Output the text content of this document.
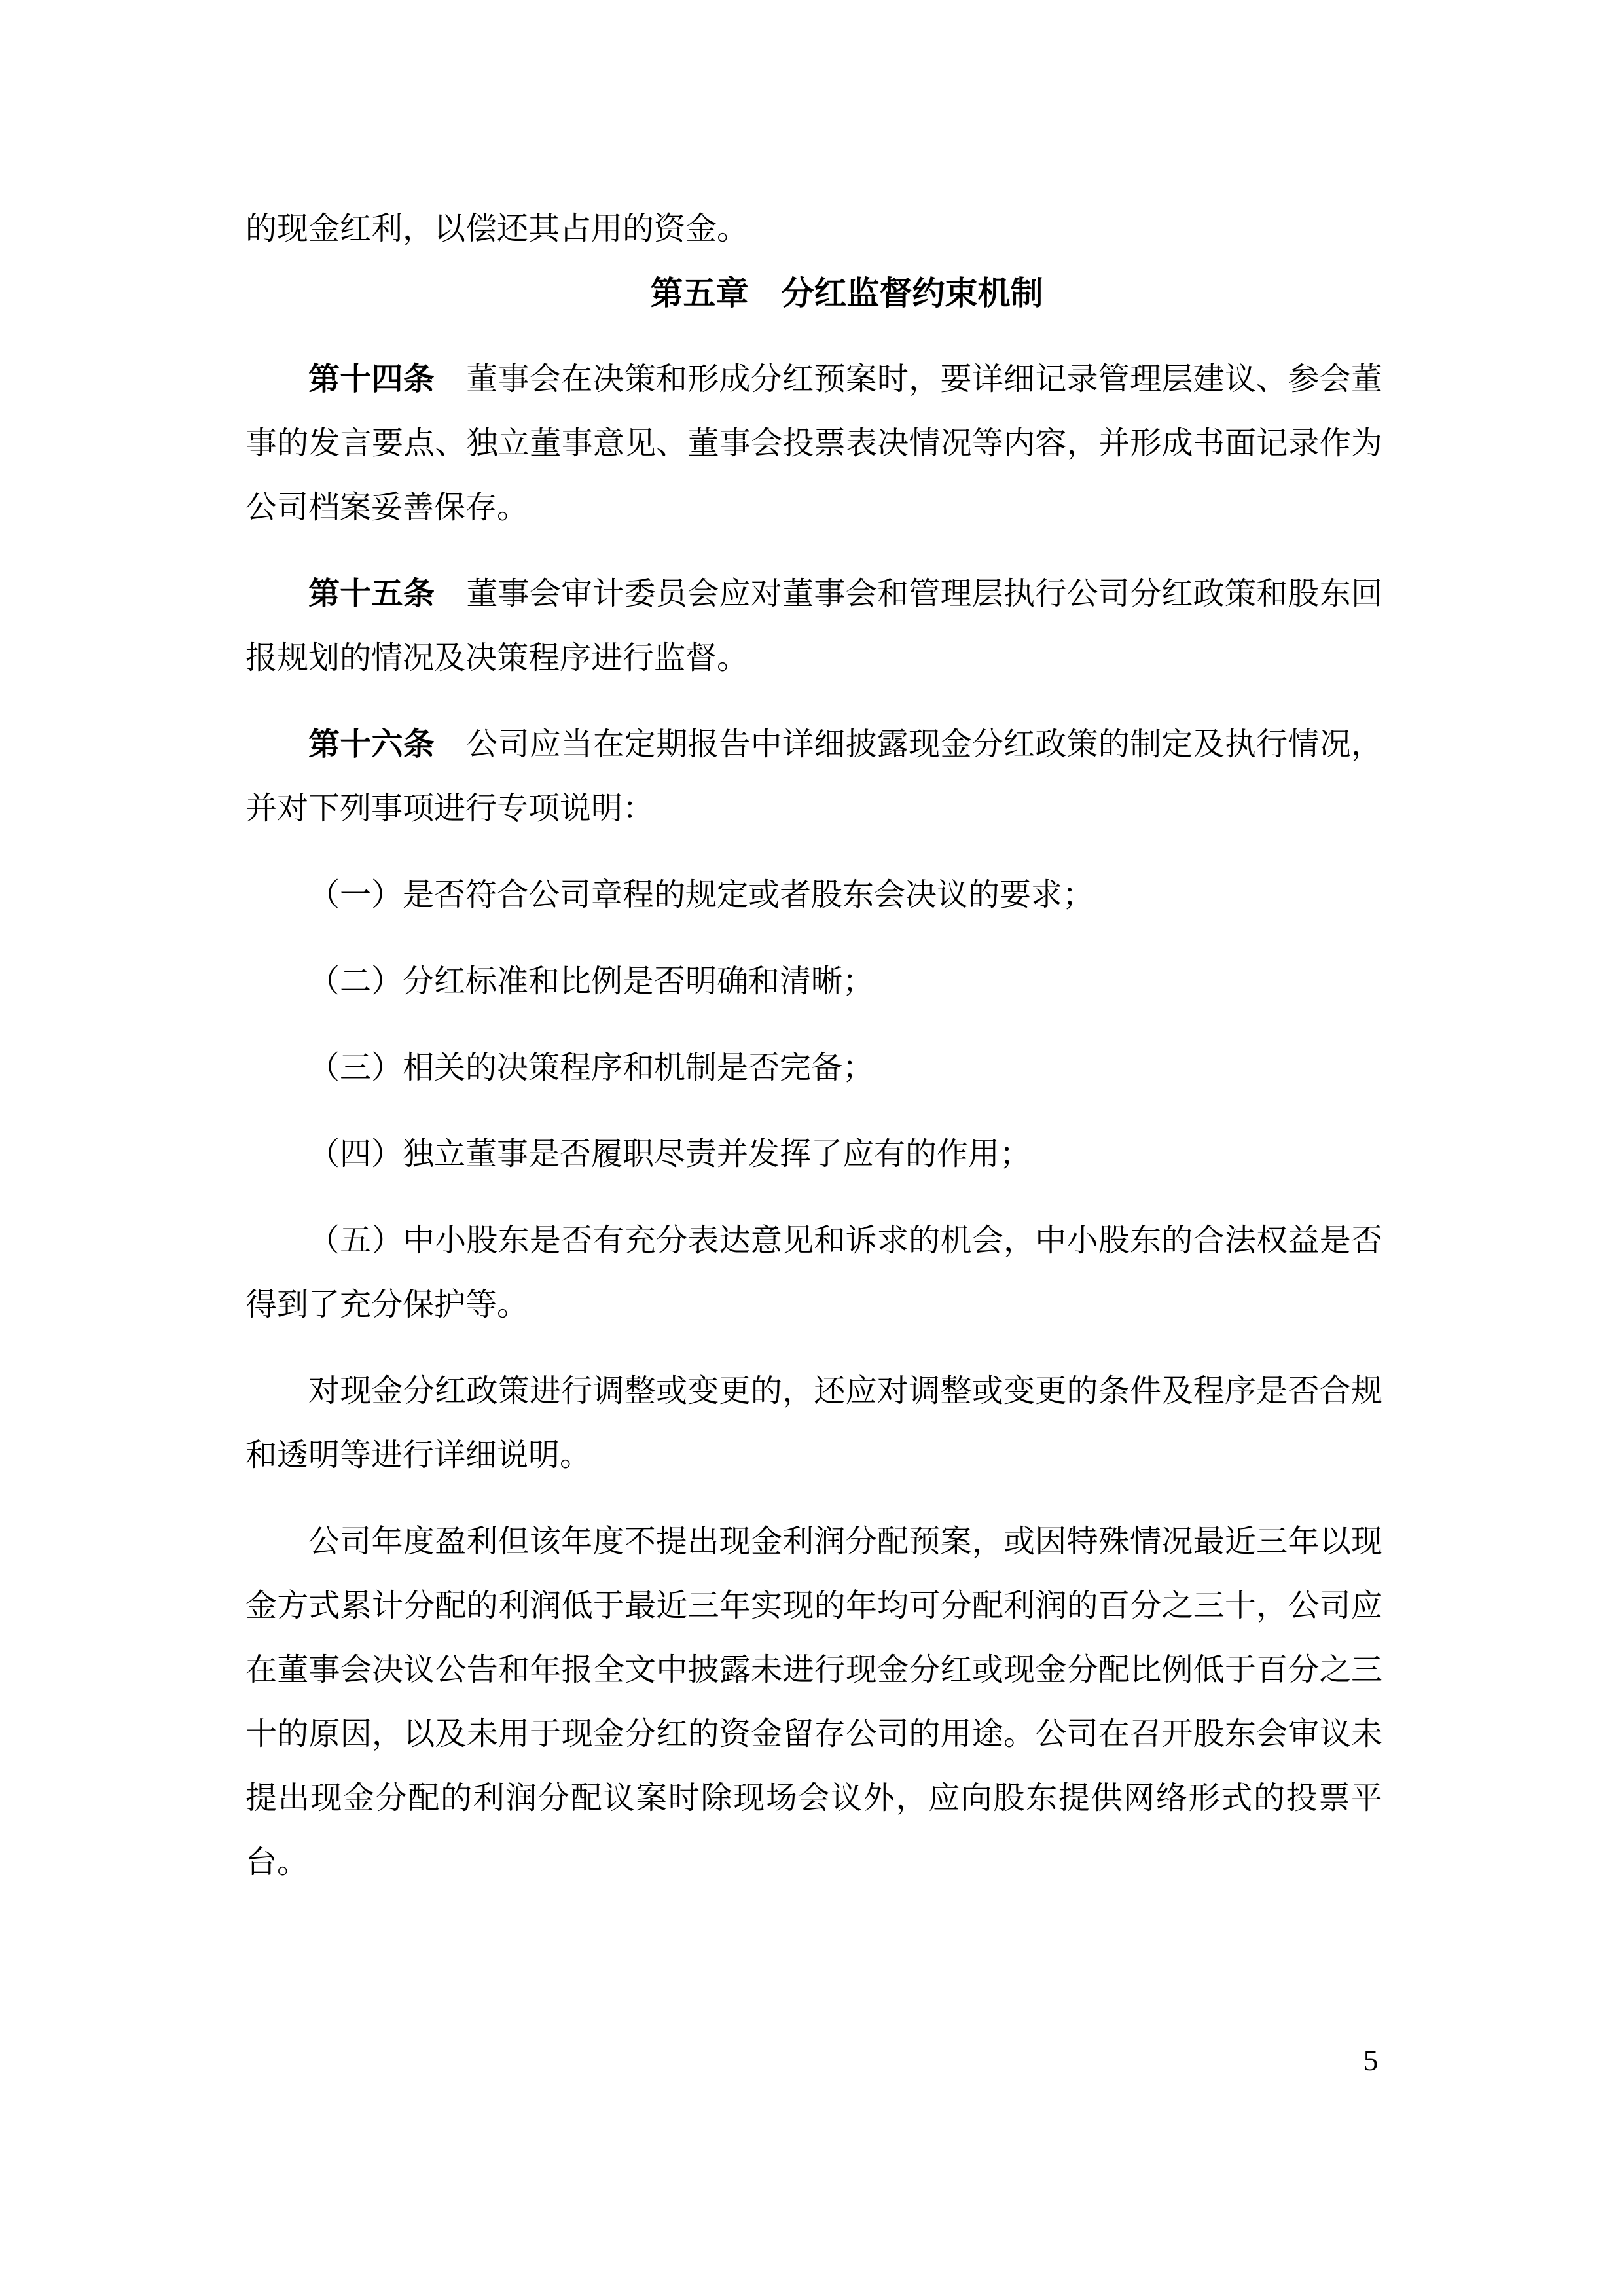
的现金红利，以偿还其占用的资金。

第五章　分红监督约束机制

第十四条　董事会在决策和形成分红预案时，要详细记录管理层建议、参会董事的发言要点、独立董事意见、董事会投票表决情况等内容，并形成书面记录作为公司档案妥善保存。

第十五条　董事会审计委员会应对董事会和管理层执行公司分红政策和股东回报规划的情况及决策程序进行监督。

第十六条　公司应当在定期报告中详细披露现金分红政策的制定及执行情况，并对下列事项进行专项说明：

（一）是否符合公司章程的规定或者股东会决议的要求；

（二）分红标准和比例是否明确和清晰；

（三）相关的决策程序和机制是否完备；

（四）独立董事是否履职尽责并发挥了应有的作用；

（五）中小股东是否有充分表达意见和诉求的机会，中小股东的合法权益是否得到了充分保护等。

对现金分红政策进行调整或变更的，还应对调整或变更的条件及程序是否合规和透明等进行详细说明。

公司年度盈利但该年度不提出现金利润分配预案，或因特殊情况最近三年以现金方式累计分配的利润低于最近三年实现的年均可分配利润的百分之三十，公司应在董事会决议公告和年报全文中披露未进行现金分红或现金分配比例低于百分之三十的原因，以及未用于现金分红的资金留存公司的用途。公司在召开股东会审议未提出现金分配的利润分配议案时除现场会议外，应向股东提供网络形式的投票平台。

5
